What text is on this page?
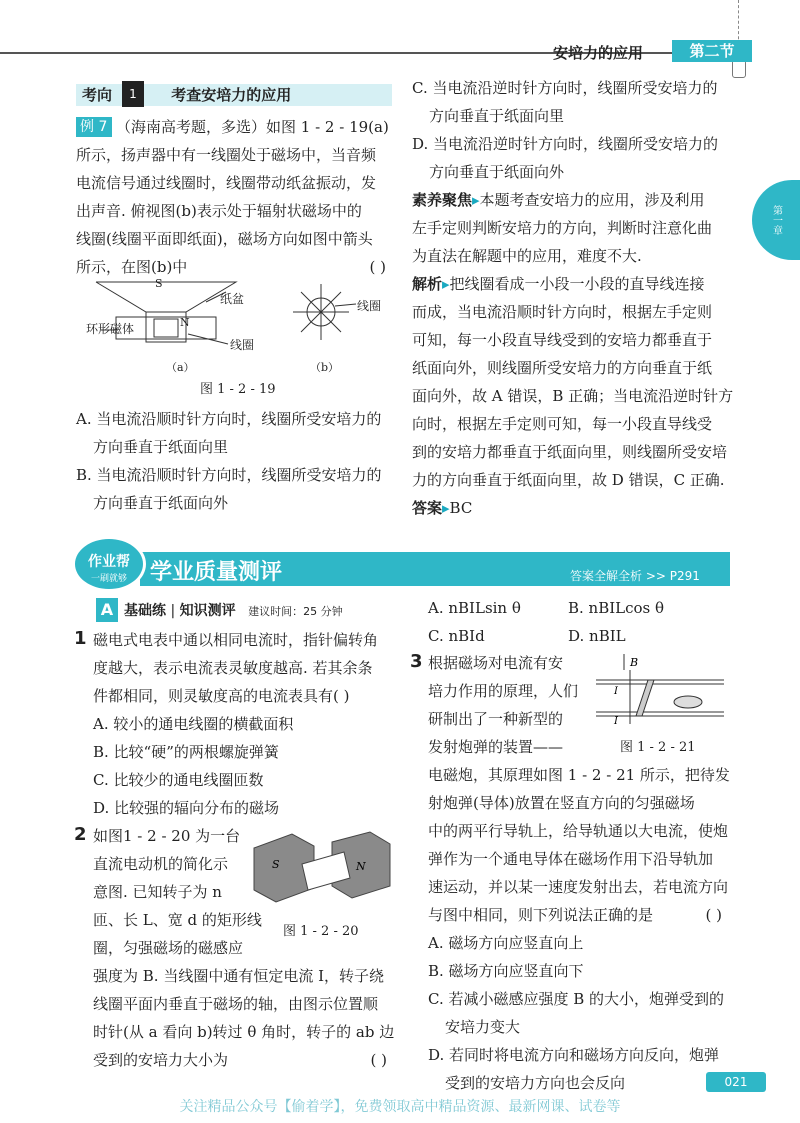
安培力的应用	第二节
第一章
考向	考查安培力的应用
1
例 7 （海南高考题，多选）如图 1 - 2 - 19(a)
所示，扬声器中有一线圈处于磁场中，当音频
电流信号通过线圈时，线圈带动纸盆振动，发
出声音. 俯视图(b)表示处于辐射状磁场中的
线圈(线圈平面即纸面)，磁场方向如图中箭头
所示，在图(b)中	( )
S
N
纸盆
环形磁体
线圈
线圈
（a）	（b）
图 1 - 2 - 19
A. 当电流沿顺时针方向时，线圈所受安培力的
方向垂直于纸面向里
B. 当电流沿顺时针方向时，线圈所受安培力的
方向垂直于纸面向外
C. 当电流沿逆时针方向时，线圈所受安培力的
方向垂直于纸面向里
D. 当电流沿逆时针方向时，线圈所受安培力的
方向垂直于纸面向外
素养聚焦▸本题考查安培力的应用，涉及利用
左手定则判断安培力的方向，判断时注意化曲
为直法在解题中的应用，难度不大.
解析▸把线圈看成一小段一小段的直导线连接
而成，当电流沿顺时针方向时，根据左手定则
可知，每一小段直导线受到的安培力都垂直于
纸面向外，则线圈所受安培力的方向垂直于纸
面向外，故 A 错误，B 正确；当电流沿逆时针方
向时，根据左手定则可知，每一小段直导线受
到的安培力都垂直于纸面向里，则线圈所受安培
力的方向垂直于纸面向里，故 D 错误，C 正确.
答案▸BC
作业帮
一刷就够	学业质量测评	答案全解全析 >> P291
A 基础练 | 知识测评 建议时间：25 分钟
1 磁电式电表中通以相同电流时，指针偏转角
度越大，表示电流表灵敏度越高. 若其余条
件都相同，则灵敏度高的电流表具有( )
A. 较小的通电线圈的横截面积
B. 比较“硬”的两根螺旋弹簧
C. 比较少的通电线圈匝数
D. 比较强的辐向分布的磁场
2 如图1 - 2 - 20 为一台
直流电动机的简化示
意图. 已知转子为 n
匝、长 L、宽 d 的矩形线
圈，匀强磁场的磁感应
S	N
图 1 - 2 - 20
强度为 B. 当线圈中通有恒定电流 I，转子绕
线圈平面内垂直于磁场的轴，由图示位置顺
时针(从 a 看向 b)转过 θ 角时，转子的 ab 边
受到的安培力大小为	( )
A. nBILsin θ	B. nBILcos θ
C. nBId	D. nBIL
3 根据磁场对电流有安
培力作用的原理，人们
研制出了一种新型的
发射炮弹的装置——
B
I
I
图 1 - 2 - 21
电磁炮，其原理如图 1 - 2 - 21 所示，把待发
射炮弹(导体)放置在竖直方向的匀强磁场
中的两平行导轨上，给导轨通以大电流，使炮
弹作为一个通电导体在磁场作用下沿导轨加
速运动，并以某一速度发射出去，若电流方向
与图中相同，则下列说法正确的是	( )
A. 磁场方向应竖直向上
B. 磁场方向应竖直向下
C. 若减小磁感应强度 B 的大小，炮弹受到的
安培力变大
D. 若同时将电流方向和磁场方向反向，炮弹
受到的安培力方向也会反向	021
关注精品公众号【偷着学】，免费领取高中精品资源、最新网课、试卷等
